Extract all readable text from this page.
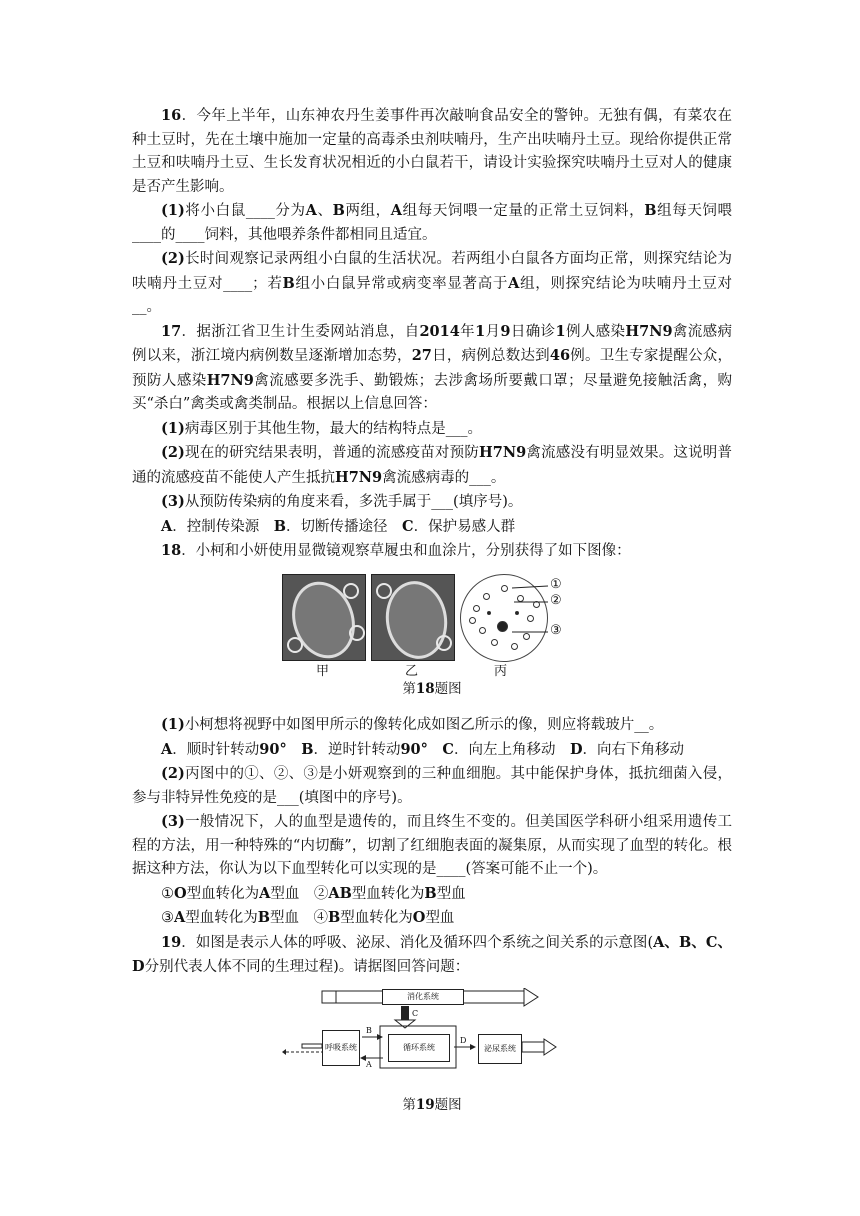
16．今年上半年，山东神农丹生姜事件再次敲响食品安全的警钟。无独有偶，有菜农在种土豆时，先在土壤中施加一定量的高毒杀虫剂呋喃丹，生产出呋喃丹土豆。现给你提供正常土豆和呋喃丹土豆、生长发育状况相近的小白鼠若干，请设计实验探究呋喃丹土豆对人的健康是否产生影响。

(1)将小白鼠____分为A、B两组，A组每天饲喂一定量的正常土豆饲料，B组每天饲喂____的____饲料，其他喂养条件都相同且适宜。

(2)长时间观察记录两组小白鼠的生活状况。若两组小白鼠各方面均正常，则探究结论为呋喃丹土豆对____；若B组小白鼠异常或病变率显著高于A组，则探究结论为呋喃丹土豆对__。

17．据浙江省卫生计生委网站消息，自2014年1月9日确诊1例人感染H7N9禽流感病例以来，浙江境内病例数呈逐渐增加态势，27日，病例总数达到46例。卫生专家提醒公众，预防人感染H7N9禽流感要多洗手、勤锻炼；去涉禽场所要戴口罩；尽量避免接触活禽，购买“杀白”禽类或禽类制品。根据以上信息回答：

(1)病毒区别于其他生物，最大的结构特点是___。

(2)现在的研究结果表明，普通的流感疫苗对预防H7N9禽流感没有明显效果。这说明普通的流感疫苗不能使人产生抵抗H7N9禽流感病毒的___。

(3)从预防传染病的角度来看，多洗手属于___(填序号)。

A．控制传染源　B．切断传播途径　C．保护易感人群

18．小柯和小妍使用显微镜观察草履虫和血涂片，分别获得了如下图像：

①
②
③
甲	乙	丙

第18题图

(1)小柯想将视野中如图甲所示的像转化成如图乙所示的像，则应将载玻片__。

A．顺时针转动90°　 B．逆时针转动90°　 C．向左上角移动　D．向右下角移动

(2)丙图中的①、②、③是小妍观察到的三种血细胞。其中能保护身体，抵抗细菌入侵，参与非特异性免疫的是___(填图中的序号)。

(3)一般情况下，人的血型是遗传的，而且终生不变的。但美国医学科研小组采用遗传工程的方法，用一种特殊的“内切酶”，切割了红细胞表面的凝集原，从而实现了血型的转化。根据这种方法，你认为以下血型转化可以实现的是____(答案可能不止一个)。

①O型血转化为A型血　②AB型血转化为B型血

③A型血转化为B型血　④B型血转化为O型血

19．如图是表示人体的呼吸、泌尿、消化及循环四个系统之间关系的示意图(A、B、C、D分别代表人体不同的生理过程)。请据图回答问题：

消化系统
呼吸系统	循环系统	泌尿系统
B
A
C
D

第19题图
